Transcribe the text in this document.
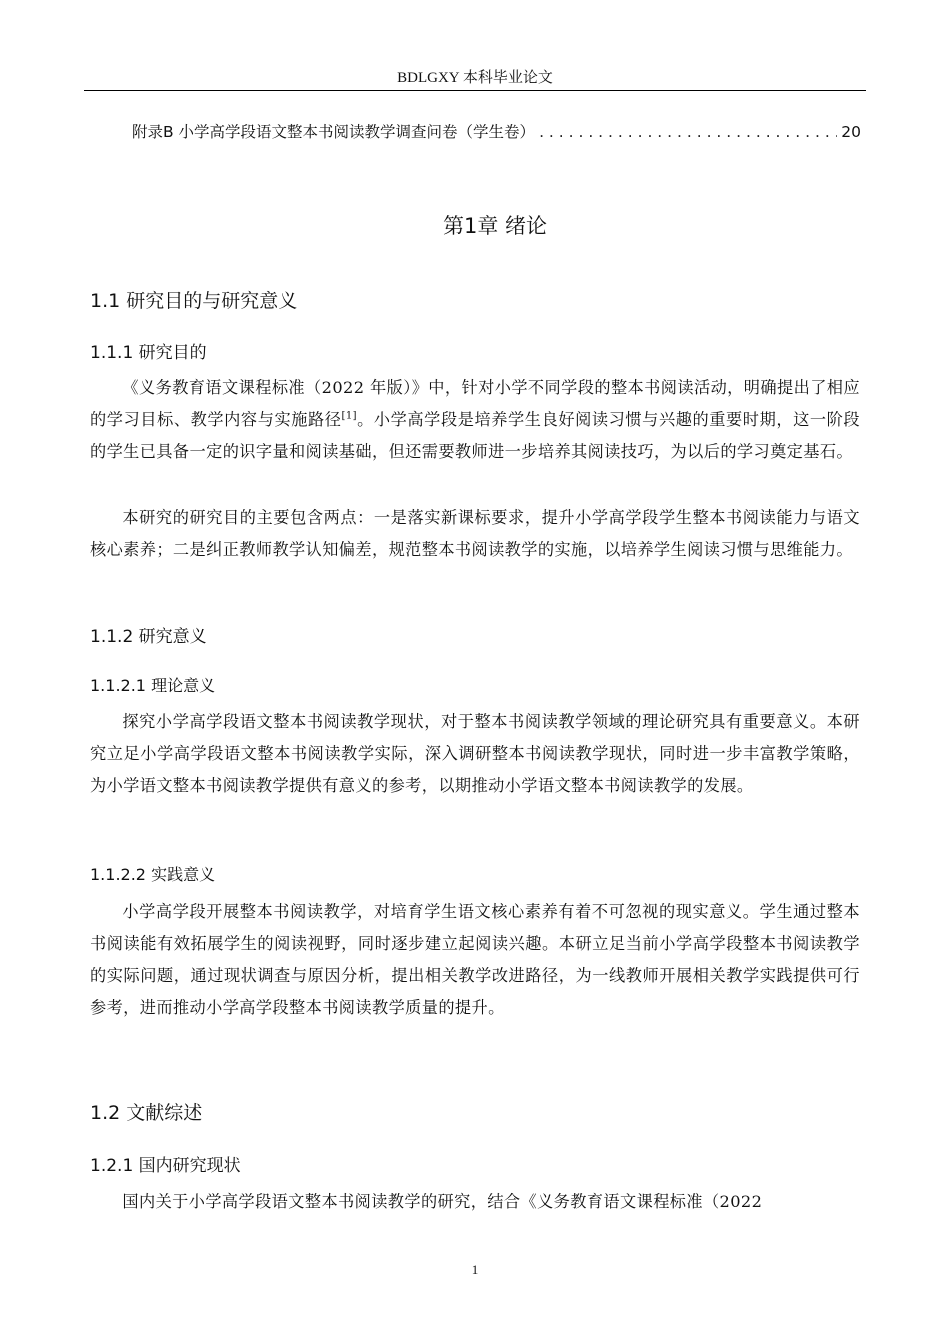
BDLGXY 本科毕业论文
附录B 小学高学段语文整本书阅读教学调查问卷（学生卷）
. . .	20
第1章 绪论
1.1 研究目的与研究意义
1.1.1 研究目的
《义务教育语文课程标准（2022 年版）》中，针对小学不同学段的整本书阅读活动，明确提出了相应的学习目标、教学内容与实施路径[1]。小学高学段是培养学生良好阅读习惯与兴趣的重要时期，这一阶段的学生已具备一定的识字量和阅读基础，但还需要教师进一步培养其阅读技巧，为以后的学习奠定基石。
本研究的研究目的主要包含两点：一是落实新课标要求，提升小学高学段学生整本书阅读能力与语文核心素养；二是纠正教师教学认知偏差，规范整本书阅读教学的实施，以培养学生阅读习惯与思维能力。
1.1.2 研究意义
1.1.2.1 理论意义
探究小学高学段语文整本书阅读教学现状，对于整本书阅读教学领域的理论研究具有重要意义。本研究立足小学高学段语文整本书阅读教学实际，深入调研整本书阅读教学现状，同时进一步丰富教学策略，为小学语文整本书阅读教学提供有意义的参考，以期推动小学语文整本书阅读教学的发展。
1.1.2.2 实践意义
小学高学段开展整本书阅读教学，对培育学生语文核心素养有着不可忽视的现实意义。学生通过整本书阅读能有效拓展学生的阅读视野，同时逐步建立起阅读兴趣。本研立足当前小学高学段整本书阅读教学的实际问题，通过现状调查与原因分析，提出相关教学改进路径，为一线教师开展相关教学实践提供可行参考，进而推动小学高学段整本书阅读教学质量的提升。
1.2 文献综述
1.2.1 国内研究现状
国内关于小学高学段语文整本书阅读教学的研究，结合《义务教育语文课程标准（2022
1
